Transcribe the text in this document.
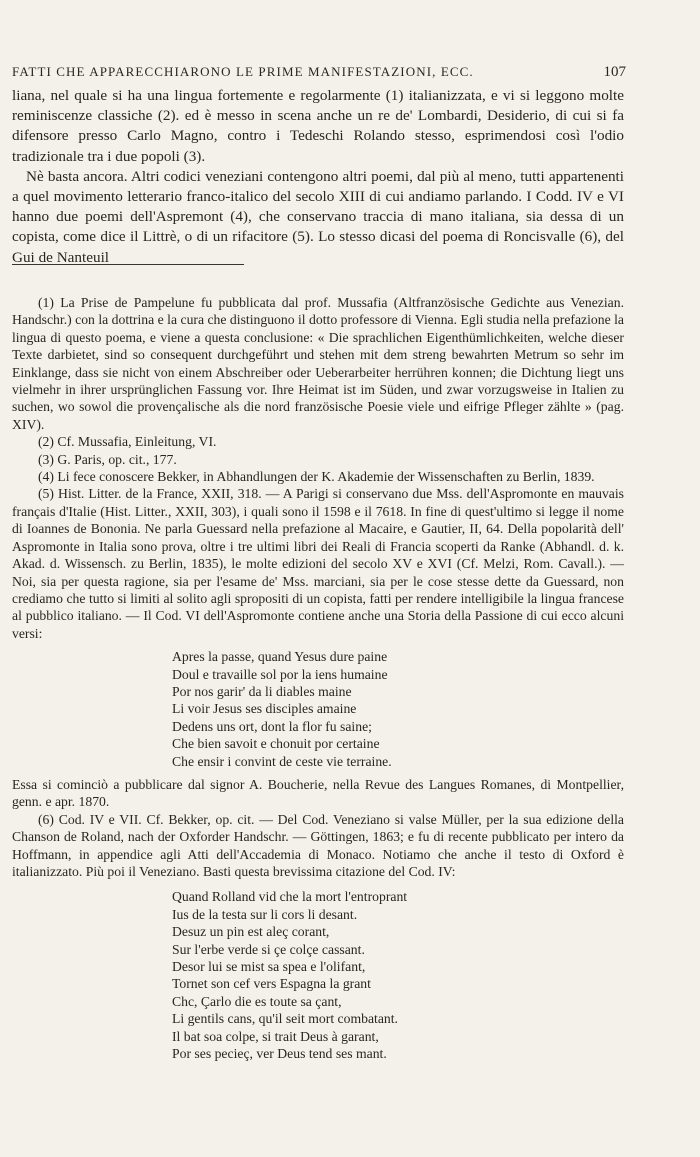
FATTI CHE APPARECCHIARONO LE PRIME MANIFESTAZIONI, ECC.	107

liana, nel quale si ha una lingua fortemente e regolarmente (1) italianizzata, e vi si leggono molte reminiscenze classiche (2). ed è messo in scena anche un re de' Lombardi, Desiderio, di cui si fa difensore presso Carlo Magno, contro i Tedeschi Rolando stesso, esprimendosi così l'odio tradizionale tra i due popoli (3).

Nè basta ancora. Altri codici veneziani contengono altri poemi, dal più al meno, tutti appartenenti a quel movimento letterario franco-italico del secolo XIII di cui andiamo parlando. I Codd. IV e VI hanno due poemi dell'Aspremont (4), che conservano traccia di mano italiana, sia dessa di un copista, come dice il Littrè, o di un rifacitore (5). Lo stesso dicasi del poema di Roncisvalle (6), del Gui de Nanteuil

(1) La Prise de Pampelune fu pubblicata dal prof. Mussafia (Altfranzösische Gedichte aus Venezian. Handschr.) con la dottrina e la cura che distinguono il dotto professore di Vienna. Egli studia nella prefazione la lingua di questo poema, e viene a questa conclusione: « Die sprachlichen Eigenthümlichkeiten, welche dieser Texte darbietet, sind so consequent durchgeführt und stehen mit dem streng bewahrten Metrum so sehr im Einklange, dass sie nicht von einem Abschreiber oder Ueberarbeiter herrühren konnen; die Dichtung liegt uns vielmehr in ihrer ursprünglichen Fassung vor. Ihre Heimat ist im Süden, und zwar vorzugsweise in Italien zu suchen, wo sowol die provençalische als die nord französische Poesie viele und eifrige Pfleger zählte » (pag. XIV).

(2) Cf. Mussafia, Einleitung, VI.

(3) G. Paris, op. cit., 177.

(4) Li fece conoscere Bekker, in Abhandlungen der K. Akademie der Wissenschaften zu Berlin, 1839.

(5) Hist. Litter. de la France, XXII, 318. — A Parigi si conservano due Mss. dell'Aspromonte en mauvais français d'Italie (Hist. Litter., XXII, 303), i quali sono il 1598 e il 7618. In fine di quest'ultimo si legge il nome di Ioannes de Bononia. Ne parla Guessard nella prefazione al Macaire, e Gautier, II, 64. Della popolarità dell' Aspromonte in Italia sono prova, oltre i tre ultimi libri dei Reali di Francia scoperti da Ranke (Abhandl. d. k. Akad. d. Wissensch. zu Berlin, 1835), le molte edizioni del secolo XV e XVI (Cf. Melzi, Rom. Cavall.). — Noi, sia per questa ragione, sia per l'esame de' Mss. marciani, sia per le cose stesse dette da Guessard, non crediamo che tutto si limiti al solito agli spropositi di un copista, fatti per rendere intelligibile la lingua francese al pubblico italiano. — Il Cod. VI dell'Aspromonte contiene anche una Storia della Passione di cui ecco alcuni versi:

Apres la passe, quand Yesus dure paine
Doul e travaille sol por la iens humaine
Por nos garir' da li diables maine
Li voir Jesus ses disciples amaine
Dedens uns ort, dont la flor fu saine;
Che bien savoit e chonuit por certaine
Che ensir i convint de ceste vie terraine.

Essa si cominciò a pubblicare dal signor A. Boucherie, nella Revue des Langues Romanes, di Montpellier, genn. e apr. 1870.

(6) Cod. IV e VII. Cf. Bekker, op. cit. — Del Cod. Veneziano si valse Müller, per la sua edizione della Chanson de Roland, nach der Oxforder Handschr. — Göttingen, 1863; e fu di recente pubblicato per intero da Hoffmann, in appendice agli Atti dell'Accademia di Monaco. Notiamo che anche il testo di Oxford è italianizzato. Più poi il Veneziano. Basti questa brevissima citazione del Cod. IV:

Quand Rolland vid che la mort l'entroprant
Ius de la testa sur li cors li desant.
Desuz un pin est aleç corant,
Sur l'erbe verde si çe colçe cassant.
Desor lui se mist sa spea e l'olifant,
Tornet son cef vers Espagna la grant
Chc, Çarlo die es toute sa çant,
Li gentils cans, qu'il seit mort combatant.
Il bat soa colpe, si trait Deus à garant,
Por ses pecieç, ver Deus tend ses mant.
